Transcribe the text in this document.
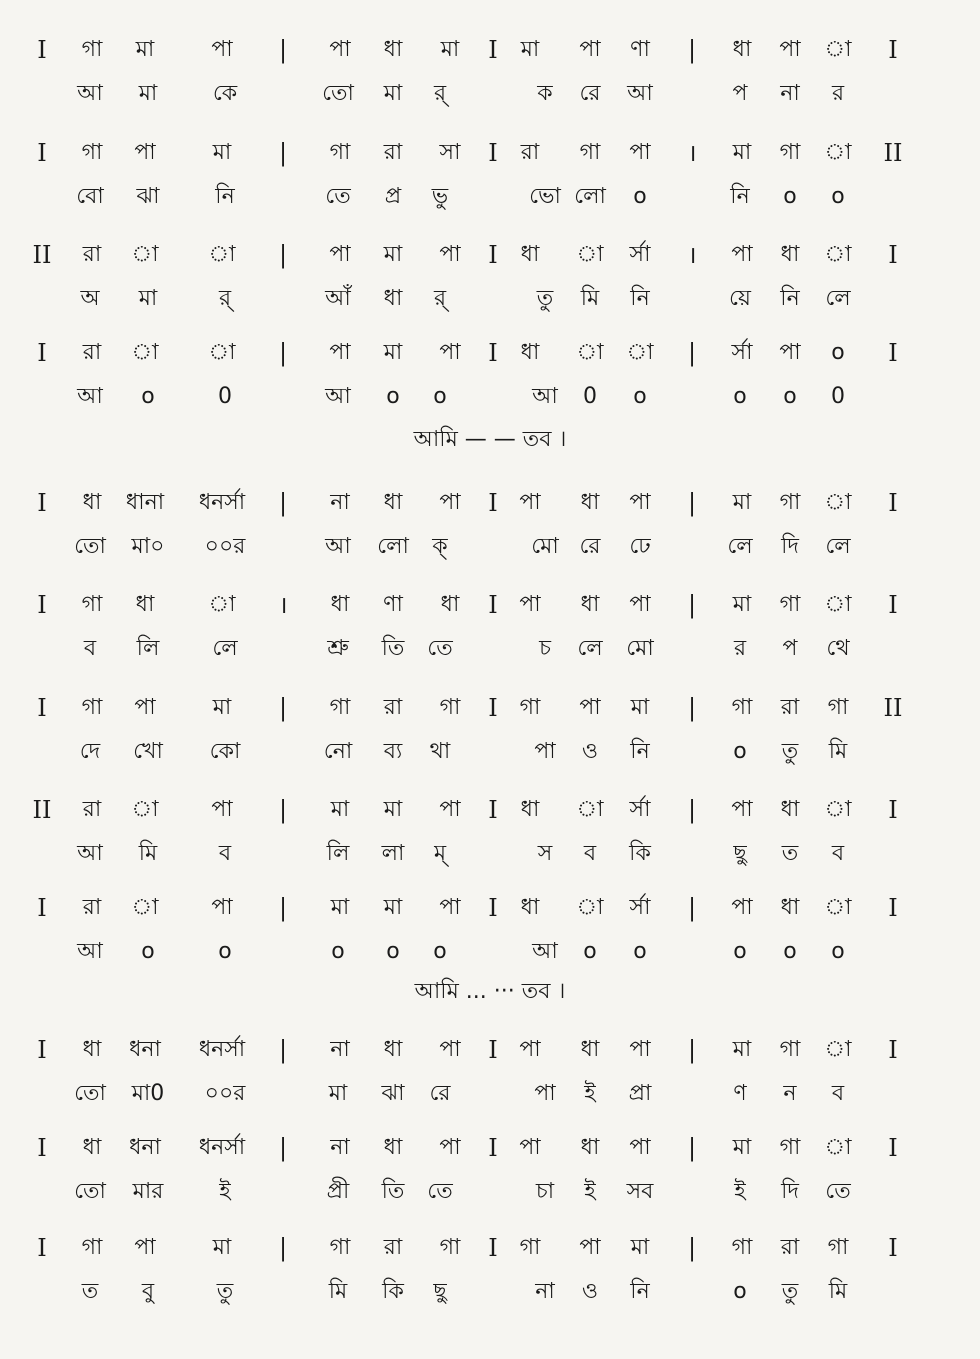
I গা মা	পা | পা ধা মা I মা পা ণা | ধা পা া I
আ মা	কে	তো মা র্	ক রে আ	প না র
I গা পা	মা | গা রা সা I রা গা পা । মা গা া II
বো ঝা	নি	তে প্র ভু	ভো লো o	নি o o
II রা া া | পা মা পা I ধা া র্সা । পা ধা া I
অ মা	র্	আঁ ধা র্	তু মি নি	য়ে নি লে
I রা া া | পা মা পা I ধা া া | র্সা পা o I
আ o	0	আ o o	আ 0 o	o o 0
আমি — — তব ।
I ধা ধানা ধনর্সা | না ধা পা I পা ধা পা | মা গা া I
তো মা০ ০০র	আ লো ক্	মো রে ঢে	লে দি লে
I গা ধা া । ধা ণা ধা I পা ধা পা | মা গা া I
ব লি লে	শ্রু তি তে	চ লে মো	র প থে
I গা পা	মা | গা রা গা I গা পা মা | গা রা গা II
দে খো কো	নো ব্য থা	পা ও নি	o তু মি
II রা া পা | মা মা পা I ধা া র্সা | পা ধা া I
আ মি	ব	লি লা ম্	স ব কি	ছু ত ব
I রা া পা | মা মা পা I ধা া র্সা | পা ধা া I
আ o	o	o o o	আ o o	o o o
আমি ... ··· তব ।
I ধা ধনা ধনর্সা | না ধা পা I পা ধা পা | মা গা া I
তো মা0 ০০র	মা ঝা রে	পা ই প্রা	ণ ন ব
I ধা ধনা ধনর্সা | না ধা পা I পা ধা পা | মা গা া I
তো মার	ই	প্রী তি তে	চা ই সব	ই দি তে
I গা পা	মা | গা রা গা I গা পা মা | গা রা গা I
ত বু	তু	মি কি ছু	না ও নি	o তু মি
